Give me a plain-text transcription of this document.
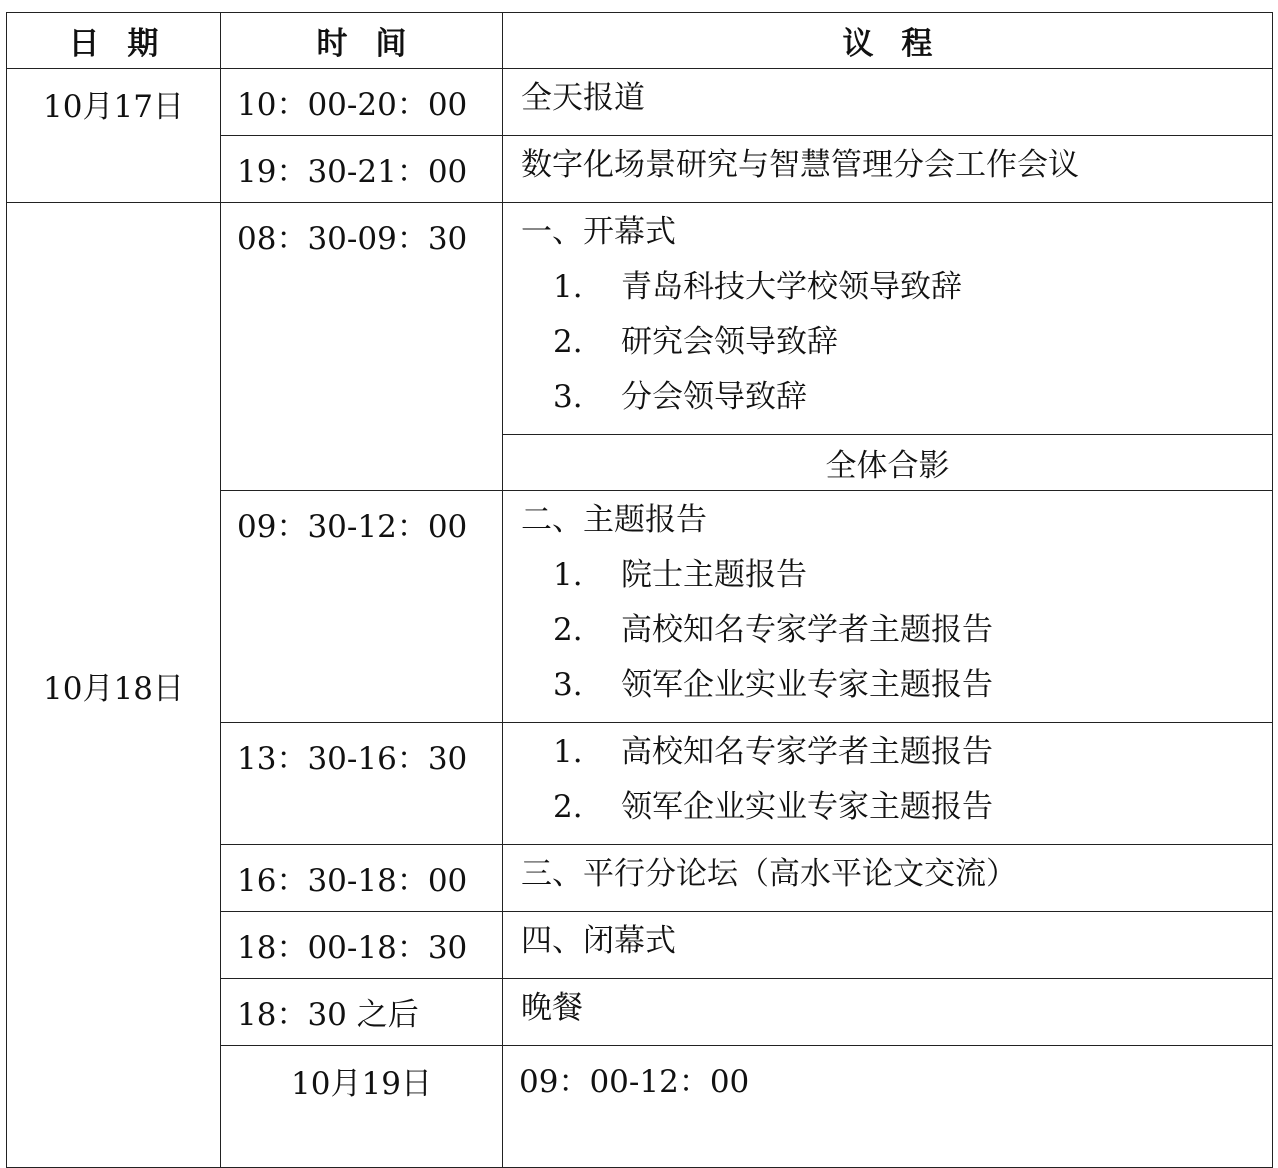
日期	时间	议程	
10月17日	10：00-20：00	全天报道	

	19：30-21：00	数字化场景研究与智慧管理分会工作会议	

10月18日	08：30-09：30	一、开幕式
1. 青岛科技大学校领导致辞
2. 研究会领导致辞
3. 分会领导致辞	

		全体合影	
	09：30-12：00	二、主题报告
1. 院士主题报告
2. 高校知名专家学者主题报告
3. 领军企业实业专家主题报告	

	13：30-16：30	1. 高校知名专家学者主题报告
2. 领军企业实业专家主题报告	

	16：30-18：00	三、平行分论坛（高水平论文交流）	

	18：00-18：30	四、闭幕式	

	18：30 之后	晚餐	

	10月19日	09：00-12：00	
